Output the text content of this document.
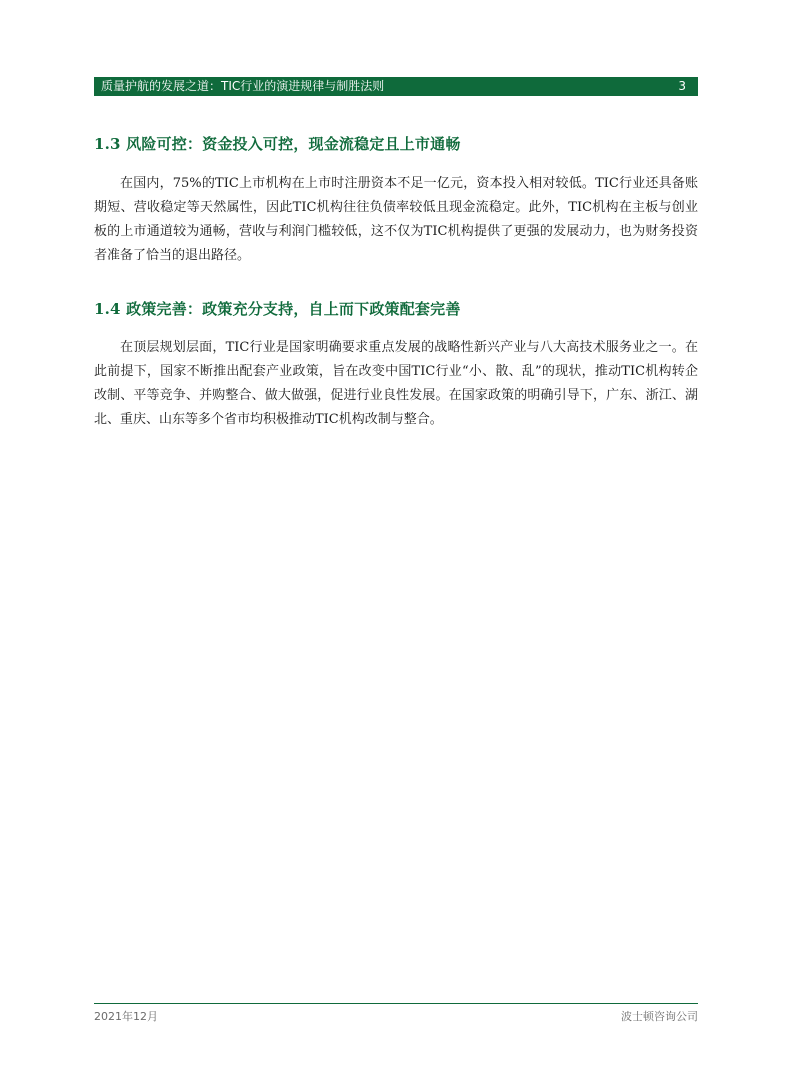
质量护航的发展之道：TIC行业的演进规律与制胜法则	3
1.3 风险可控：资金投入可控，现金流稳定且上市通畅

在国内，75%的TIC上市机构在上市时注册资本不足一亿元，资本投入相对较低。TIC行业还具备账期短、营收稳定等天然属性，因此TIC机构往往负债率较低且现金流稳定。此外，TIC机构在主板与创业板的上市通道较为通畅，营收与利润门槛较低，这不仅为TIC机构提供了更强的发展动力，也为财务投资者准备了恰当的退出路径。

1.4 政策完善：政策充分支持，自上而下政策配套完善

在顶层规划层面，TIC行业是国家明确要求重点发展的战略性新兴产业与八大高技术服务业之一。在此前提下，国家不断推出配套产业政策，旨在改变中国TIC行业“小、散、乱”的现状，推动TIC机构转企改制、平等竞争、并购整合、做大做强，促进行业良性发展。在国家政策的明确引导下，广东、浙江、湖北、重庆、山东等多个省市均积极推动TIC机构改制与整合。

2021年12月	波士顿咨询公司
